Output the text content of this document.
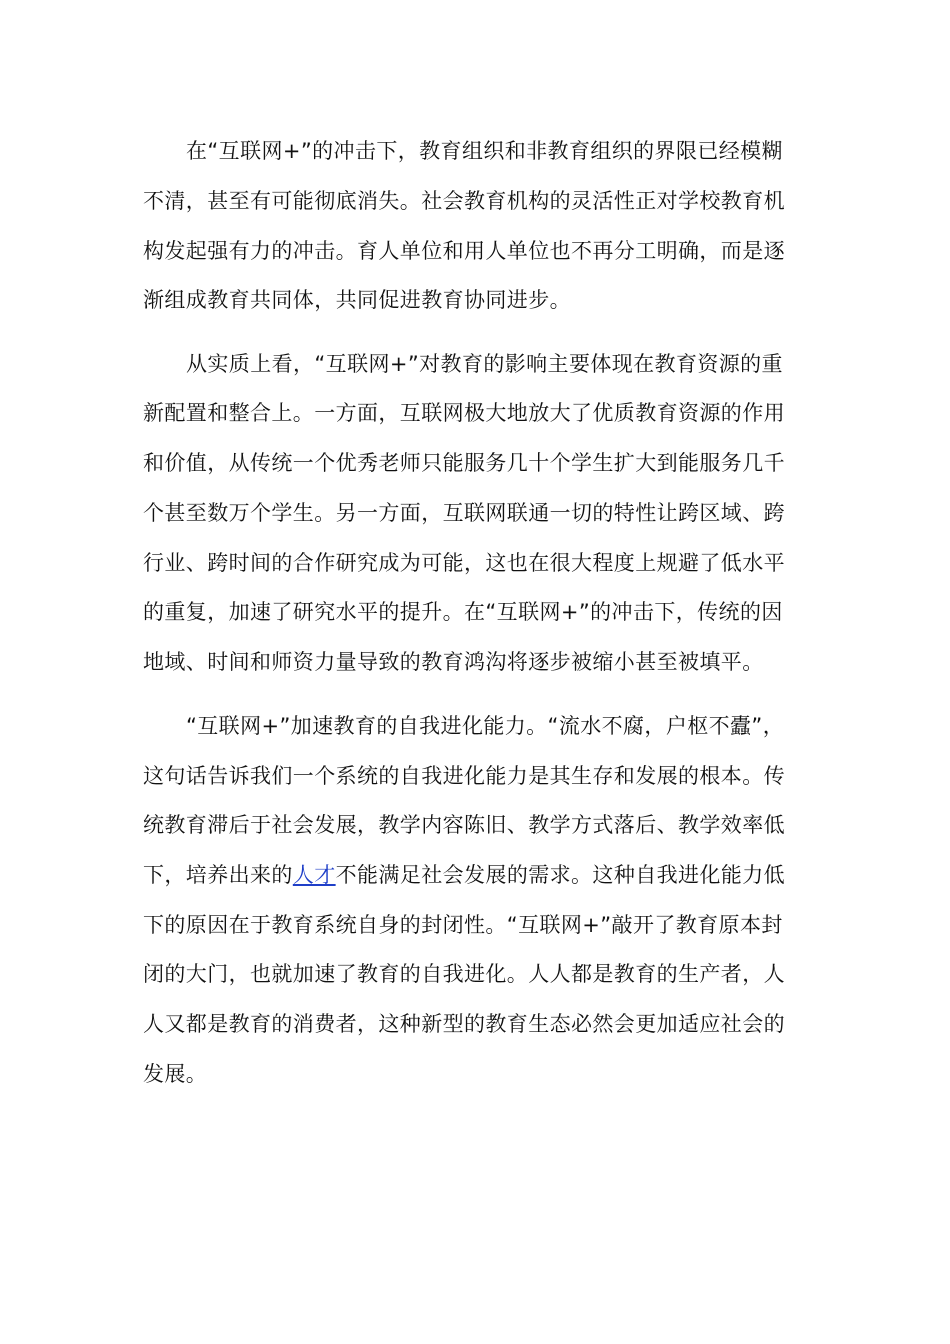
在“互联网+”的冲击下，教育组织和非教育组织的界限已经模糊
不清，甚至有可能彻底消失。社会教育机构的灵活性正对学校教育机
构发起强有力的冲击。育人单位和用人单位也不再分工明确，而是逐
渐组成教育共同体，共同促进教育协同进步。
从实质上看，“互联网+”对教育的影响主要体现在教育资源的重
新配置和整合上。一方面，互联网极大地放大了优质教育资源的作用
和价值，从传统一个优秀老师只能服务几十个学生扩大到能服务几千
个甚至数万个学生。另一方面，互联网联通一切的特性让跨区域、跨
行业、跨时间的合作研究成为可能，这也在很大程度上规避了低水平
的重复，加速了研究水平的提升。在“互联网+”的冲击下，传统的因
地域、时间和师资力量导致的教育鸿沟将逐步被缩小甚至被填平。
“互联网+”加速教育的自我进化能力。“流水不腐，户枢不蠹”，
这句话告诉我们一个系统的自我进化能力是其生存和发展的根本。传
统教育滞后于社会发展，教学内容陈旧、教学方式落后、教学效率低
下，培养出来的人才不能满足社会发展的需求。这种自我进化能力低
下的原因在于教育系统自身的封闭性。“互联网+”敲开了教育原本封
闭的大门，也就加速了教育的自我进化。人人都是教育的生产者，人
人又都是教育的消费者，这种新型的教育生态必然会更加适应社会的
发展。
